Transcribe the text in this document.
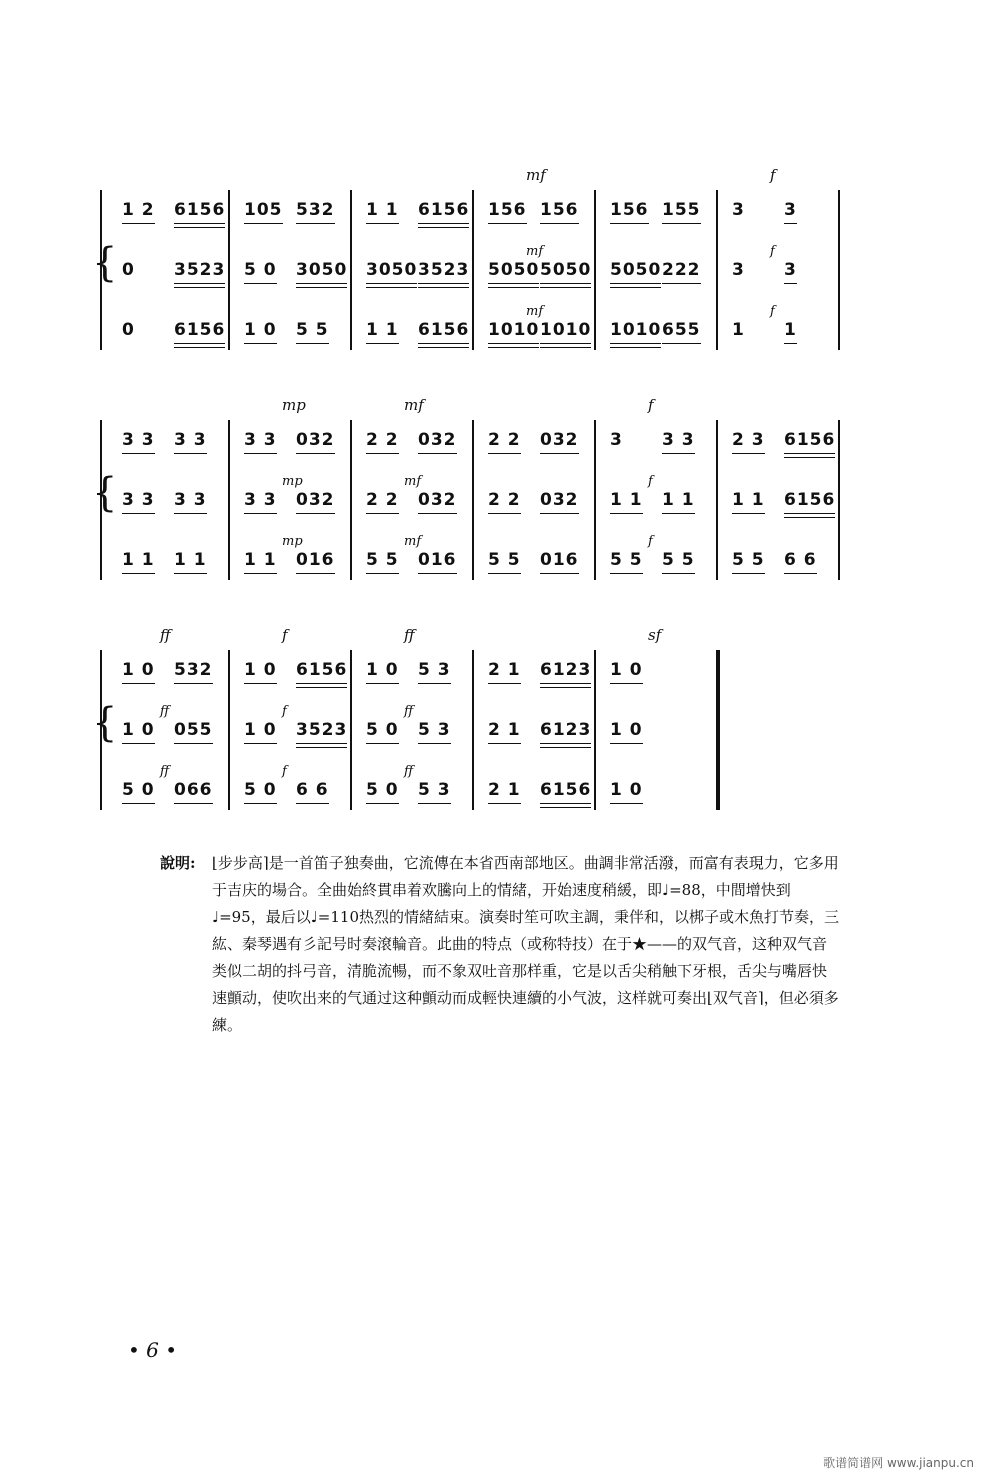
{
mf	f
1 2 6156 105 532 1 1 6156 156 156 156 155 3 3
0 3523 5 0 3050 3050 3523 5050 5050 5050 222 3 3
0 6156 1 0 5 5 1 1 6156 1010 1010 1010 655 1 1
mf	f
mf	f
{
mp	mf	f
3 3 3 3 3 3 032 2 2 032 2 2 032 3 3 3 2 3 6156
3 3 3 3 3 3 032 2 2 032 2 2 032 1 1 1 1 1 1 6156
1 1 1 1 1 1 016 5 5 016 5 5 016 5 5 5 5 5 5 6 6
mp	mf	f
mp	mf	f
{
ff	f	ff	sf
1 0 532 1 0 6156 1 0 5 3 2 1 6123 1 0
1 0 055 1 0 3523 5 0 5 3 2 1 6123 1 0
5 0 066 5 0 6 6 5 0 5 3 2 1 6156 1 0
ff	f	ff
ff	f	ff
說明:	⌊步步高⌉是一首笛子独奏曲，它流傳在本省西南部地区。曲調非常活潑，而富有表現力，它多用于吉庆的場合。全曲始終貫串着欢騰向上的情緒，开始速度稍緩，即♩=88，中間增快到♩=95，最后以♩=110热烈的情緒結束。演奏时笙可吹主調，秉伴和，以梆子或木魚打节奏，三紘、秦琴遇有彡記号时奏滾輪音。此曲的特点（或称特技）在于★——的双气音，这种双气音类似二胡的抖弓音，清脆流暢，而不象双吐音那样重，它是以舌尖稍触下牙根，舌尖与嘴唇快速顫动，使吹出来的气通过这种顫动而成輕快連續的小气波，这样就可奏出⌊双气音⌉，但必須多練。
• 6 •
歌谱简谱网 www.jianpu.cn
